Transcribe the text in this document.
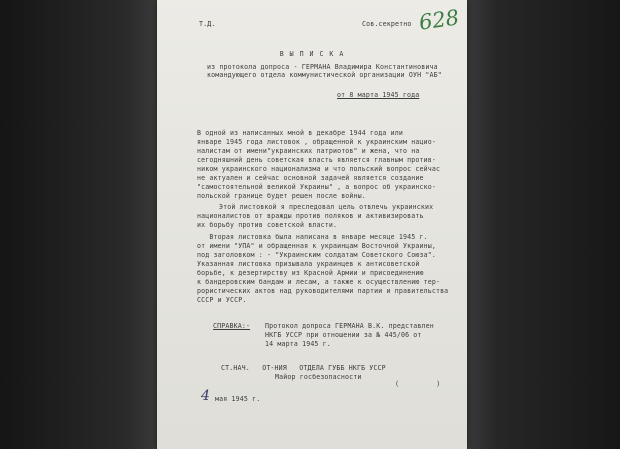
Т.Д.	Сов.секретно 628
В Ы П И С К А
из протокола допроса - ГЕРМАНА Владимира Константиновича
командующего отдела коммунистической организации ОУН "АБ"
от 8 марта 1945 года
В одной из написанных мной в декабре 1944 года или
январе 1945 года листовок , обращенной к украинским нацио-
налистам от имени"украинских патриотов" и жена, что на
сегодняшний день советская власть является главным против-
ником украинского национализма и что польский вопрос сейчас
не актуален и сейчас основной задачей является создание
"самостоятельной великой Украины" , а вопрос об украинско-
польской границе будет решен после войны.
Этой листовкой я преследовал цель отвлечь украинских
националистов от вражды против поляков и активизировать
их борьбу против советской власти.
Вторая листовка была написана в январе месяце 1945 г.
от имени "УПА" и обращенная к украинцам Восточной Украины,
под заголовком : - "Украинским солдатам Советского Союза".
Указанная листовка призывала украинцев к антисоветской
борьбе, к дезертирству из Красной Армии и присоединению
к бандеровским бандам и лесам, а также к осуществлению тер-
рористических актов над руководителями партии и правительства
СССР и УССР.
СПРАВКА:- Протокол допроса ГЕРМАНА В.К. представлен
НКГБ УССР при отношении за № 445/06 от
14 марта 1945 г.
СТ.НАЧ.   ОТ-НИЯ   ОТДЕЛА ГУББ НКГБ УССР
Майор госбезопасности
(         )
4 мая 1945 г.
